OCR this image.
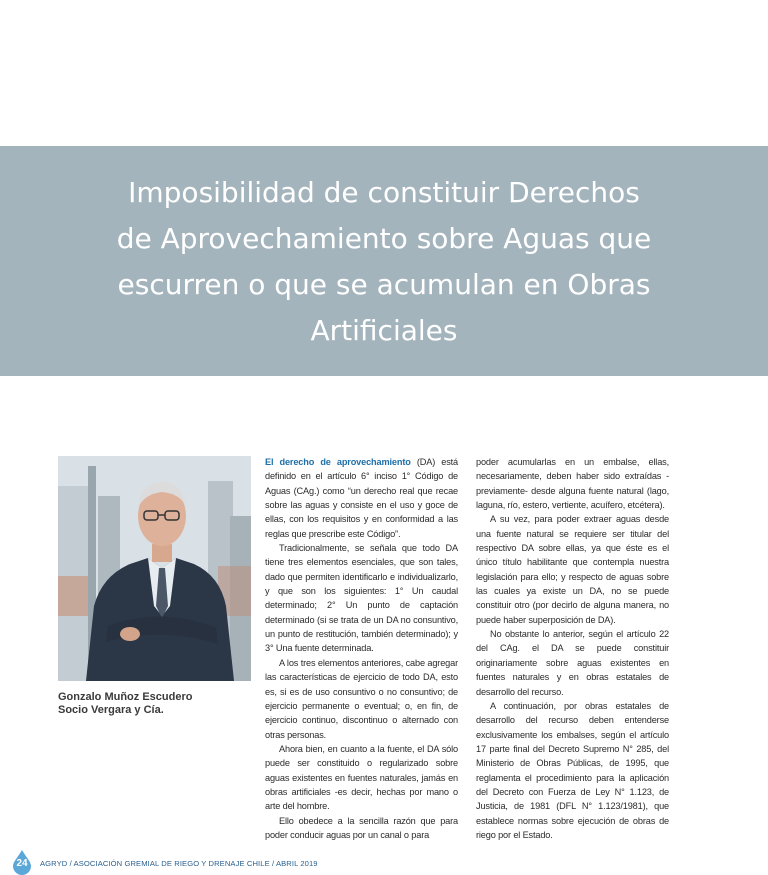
Imposibilidad de constituir Derechos
de Aprovechamiento sobre Aguas que
escurren o que se acumulan en Obras
Artificiales
Gonzalo Muñoz Escudero
Socio Vergara y Cía.

El derecho de aprovechamiento (DA) está definido en el artículo 6° inciso 1° Código de Aguas (CAg.) como “un derecho real que recae sobre las aguas y consiste en el uso y goce de ellas, con los requisitos y en conformidad a las reglas que prescribe este Código”.

Tradicionalmente, se señala que todo DA tiene tres elementos esenciales, que son tales, dado que permiten identificarlo e individualizarlo, y que son los siguientes: 1° Un caudal determinado; 2° Un punto de captación determinado (si se trata de un DA no consuntivo, un punto de restitución, también determinado); y 3° Una fuente determinada.

A los tres elementos anteriores, cabe agregar las características de ejercicio de todo DA, esto es, si es de uso consuntivo o no consuntivo; de ejercicio permanente o eventual; o, en fin, de ejercicio continuo, discontinuo o alternado con otras personas.

Ahora bien, en cuanto a la fuente, el DA sólo puede ser constituido o regularizado sobre aguas existentes en fuentes naturales, jamás en obras artificiales -es decir, hechas por mano o arte del hombre.

Ello obedece a la sencilla razón que para poder conducir aguas por un canal o para

poder acumularlas en un embalse, ellas, necesariamente, deben haber sido extraídas -previamente- desde alguna fuente natural (lago, laguna, río, estero, vertiente, acuífero, etcétera).

A su vez, para poder extraer aguas desde una fuente natural se requiere ser titular del respectivo DA sobre ellas, ya que éste es el único título habilitante que contempla nuestra legislación para ello; y respecto de aguas sobre las cuales ya existe un DA, no se puede constituir otro (por decirlo de alguna manera, no puede haber superposición de DA).

No obstante lo anterior, según el artículo 22 del CAg. el DA se puede constituir originariamente sobre aguas existentes en fuentes naturales y en obras estatales de desarrollo del recurso.

A continuación, por obras estatales de desarrollo del recurso deben entenderse exclusivamente los embalses, según el artículo 17 parte final del Decreto Supremo N° 285, del Ministerio de Obras Públicas, de 1995, que reglamenta el procedimiento para la aplicación del Decreto con Fuerza de Ley N° 1.123, de Justicia, de 1981 (DFL N° 1.123/1981), que establece normas sobre ejecución de obras de riego por el Estado.

24	AGRYD / ASOCIACIÓN GREMIAL DE RIEGO Y DRENAJE CHILE / ABRIL 2019
